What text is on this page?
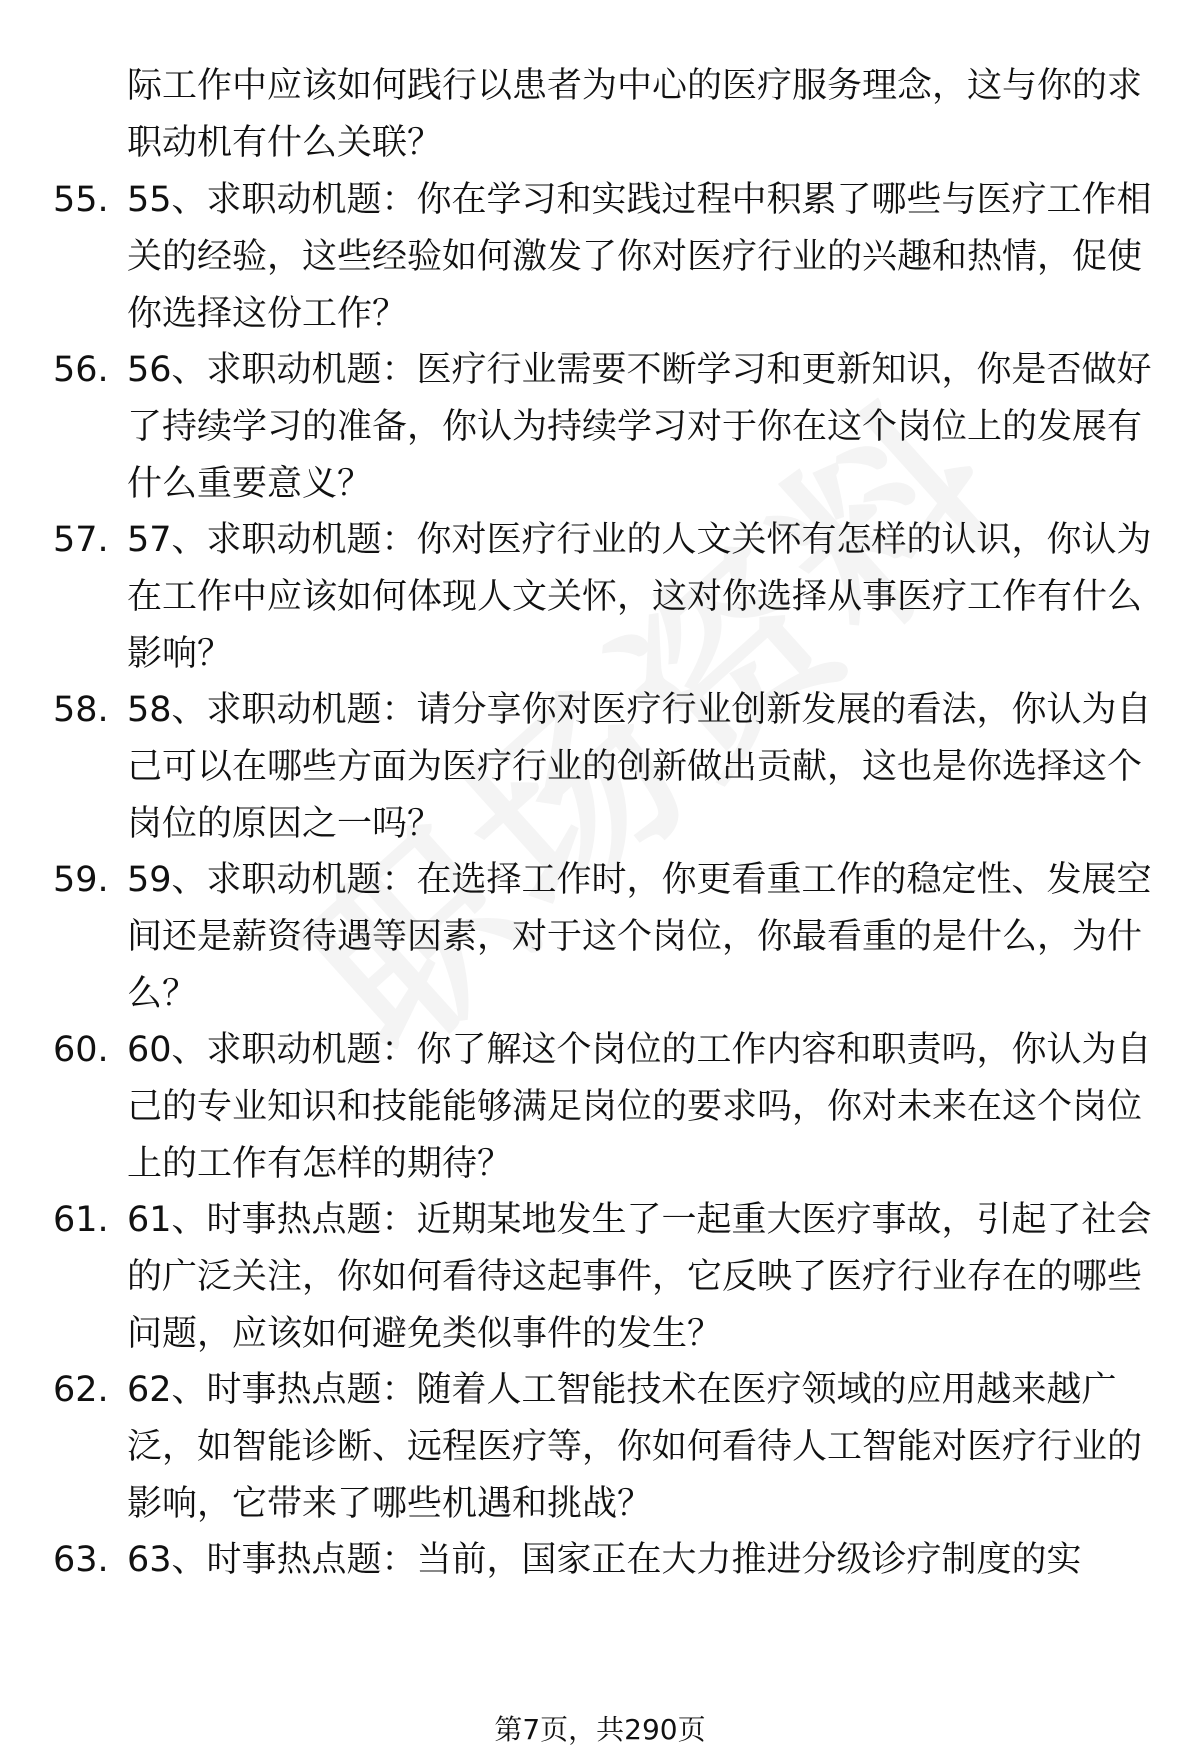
际工作中应该如何践行以患者为中心的医疗服务理念，这与你的求职动机有什么关联？
55. 55、求职动机题：你在学习和实践过程中积累了哪些与医疗工作相关的经验，这些经验如何激发了你对医疗行业的兴趣和热情，促使你选择这份工作？
56. 56、求职动机题：医疗行业需要不断学习和更新知识，你是否做好了持续学习的准备，你认为持续学习对于你在这个岗位上的发展有什么重要意义？
57. 57、求职动机题：你对医疗行业的人文关怀有怎样的认识，你认为在工作中应该如何体现人文关怀，这对你选择从事医疗工作有什么影响？
58. 58、求职动机题：请分享你对医疗行业创新发展的看法，你认为自己可以在哪些方面为医疗行业的创新做出贡献，这也是你选择这个岗位的原因之一吗？
59. 59、求职动机题：在选择工作时，你更看重工作的稳定性、发展空间还是薪资待遇等因素，对于这个岗位，你最看重的是什么，为什么？
60. 60、求职动机题：你了解这个岗位的工作内容和职责吗，你认为自己的专业知识和技能能够满足岗位的要求吗，你对未来在这个岗位上的工作有怎样的期待？
61. 61、时事热点题：近期某地发生了一起重大医疗事故，引起了社会的广泛关注，你如何看待这起事件，它反映了医疗行业存在的哪些问题，应该如何避免类似事件的发生？
62. 62、时事热点题：随着人工智能技术在医疗领域的应用越来越广泛，如智能诊断、远程医疗等，你如何看待人工智能对医疗行业的影响，它带来了哪些机遇和挑战？
63. 63、时事热点题：当前，国家正在大力推进分级诊疗制度的实
第7页，共290页
